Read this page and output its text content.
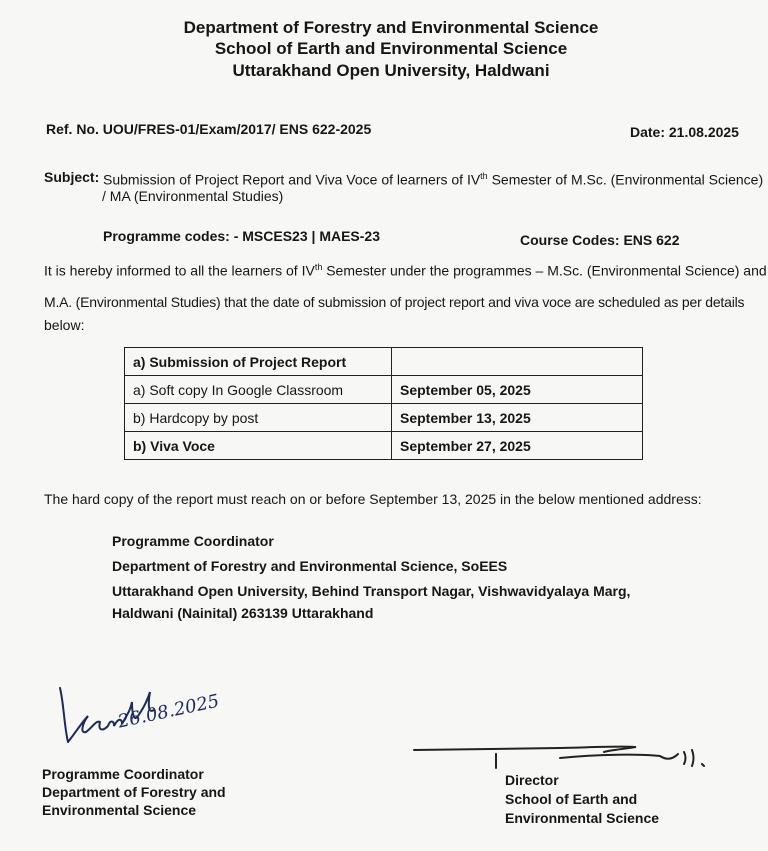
Department of Forestry and Environmental Science
School of Earth and Environmental Science
Uttarakhand Open University, Haldwani
Ref. No. UOU/FRES-01/Exam/2017/ ENS 622-2025	Date: 21.08.2025
Subject: Submission of Project Report and Viva Voce of learners of IVth Semester of M.Sc. (Environmental Science)
/ MA (Environmental Studies)
Programme codes: - MSCES23 | MAES-23	Course Codes: ENS 622
It is hereby informed to all the learners of IVth Semester under the programmes – M.Sc. (Environmental Science) and
M.A. (Environmental Studies) that the date of submission of project report and viva voce are scheduled as per details
below:
a) Submission of Project Report	
a) Soft copy In Google Classroom	September 05, 2025
b) Hardcopy by post	September 13, 2025
b) Viva Voce	September 27, 2025
The hard copy of the report must reach on or before September 13, 2025 in the below mentioned address:
Programme Coordinator
Department of Forestry and Environmental Science, SoEES
Uttarakhand Open University, Behind Transport Nagar, Vishwavidyalaya Marg,
Haldwani (Nainital) 263139 Uttarakhand
26.08.2025
Programme Coordinator
Department of Forestry and
Environmental Science
Director
School of Earth and
Environmental Science
